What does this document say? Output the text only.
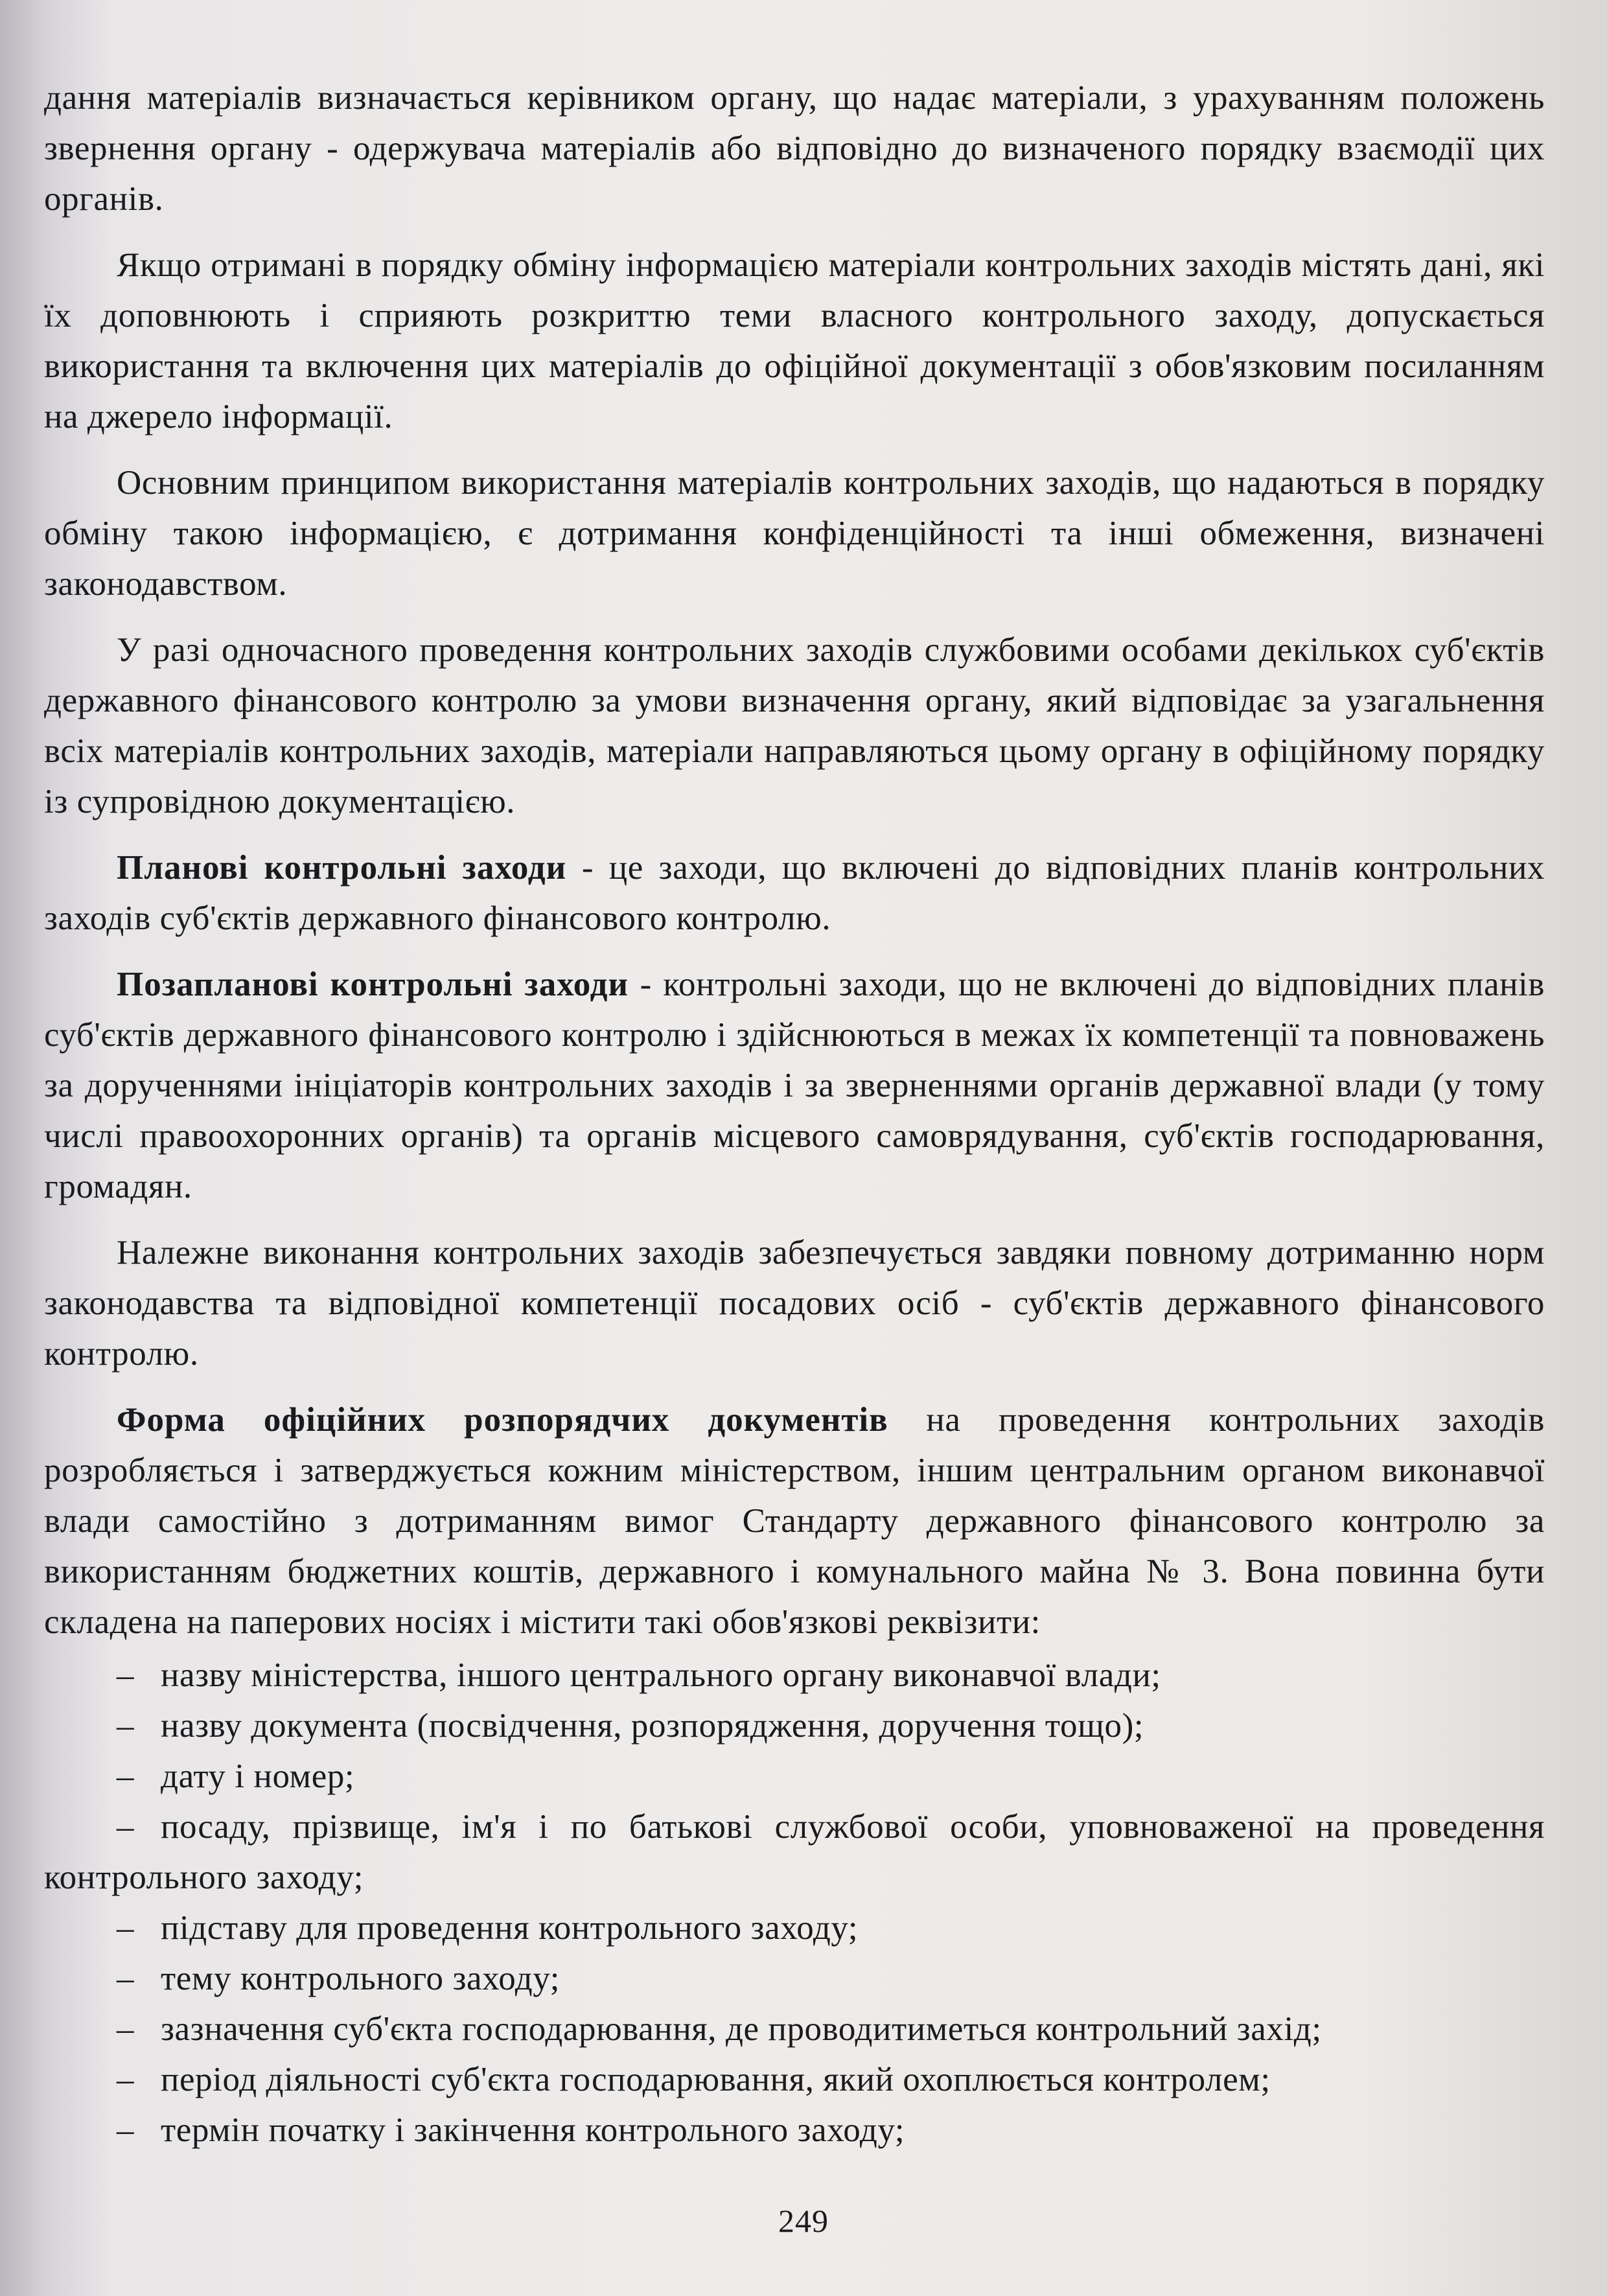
дання матеріалів визначається керівником органу, що надає матеріали, з урахуванням положень звернення органу - одержувача матеріалів або відповідно до визначеного порядку взаємодії цих органів.

Якщо отримані в порядку обміну інформацією матеріали контрольних заходів містять дані, які їх доповнюють і сприяють розкриттю теми власного контрольного заходу, допускається використання та включення цих матеріалів до офіційної документації з обов'язковим посиланням на джерело інформації.

Основним принципом використання матеріалів контрольних заходів, що надаються в порядку обміну такою інформацією, є дотримання конфіденційності та інші обмеження, визначені законодавством.

У разі одночасного проведення контрольних заходів службовими особами декількох суб'єктів державного фінансового контролю за умови визначення органу, який відповідає за узагальнення всіх матеріалів контрольних заходів, матеріали направляються цьому органу в офіційному порядку із супровідною документацією.

Планові контрольні заходи - це заходи, що включені до відповідних планів контрольних заходів суб'єктів державного фінансового контролю.

Позапланові контрольні заходи - контрольні заходи, що не включені до відповідних планів суб'єктів державного фінансового контролю і здійснюються в межах їх компетенції та повноважень за дорученнями ініціаторів контрольних заходів і за зверненнями органів державної влади (у тому числі правоохоронних органів) та органів місцевого самоврядування, суб'єктів господарювання, громадян.

Належне виконання контрольних заходів забезпечується завдяки повному дотриманню норм законодавства та відповідної компетенції посадових осіб - суб'єктів державного фінансового контролю.

Форма офіційних розпорядчих документів на проведення контрольних заходів розробляється і затверджується кожним міністерством, іншим центральним органом виконавчої влади самостійно з дотриманням вимог Стандарту державного фінансового контролю за використанням бюджетних коштів, державного і комунального майна № 3. Вона повинна бути складена на паперових носіях і містити такі обов'язкові реквізити:

– назву міністерства, іншого центрального органу виконавчої влади;
– назву документа (посвідчення, розпорядження, доручення тощо);
– дату і номер;
– посаду, прізвище, ім'я і по батькові службової особи, уповноваженої на проведення контрольного заходу;
– підставу для проведення контрольного заходу;
– тему контрольного заходу;
– зазначення суб'єкта господарювання, де проводитиметься контрольний захід;
– період діяльності суб'єкта господарювання, який охоплюється контролем;
– термін початку і закінчення контрольного заходу;
249
